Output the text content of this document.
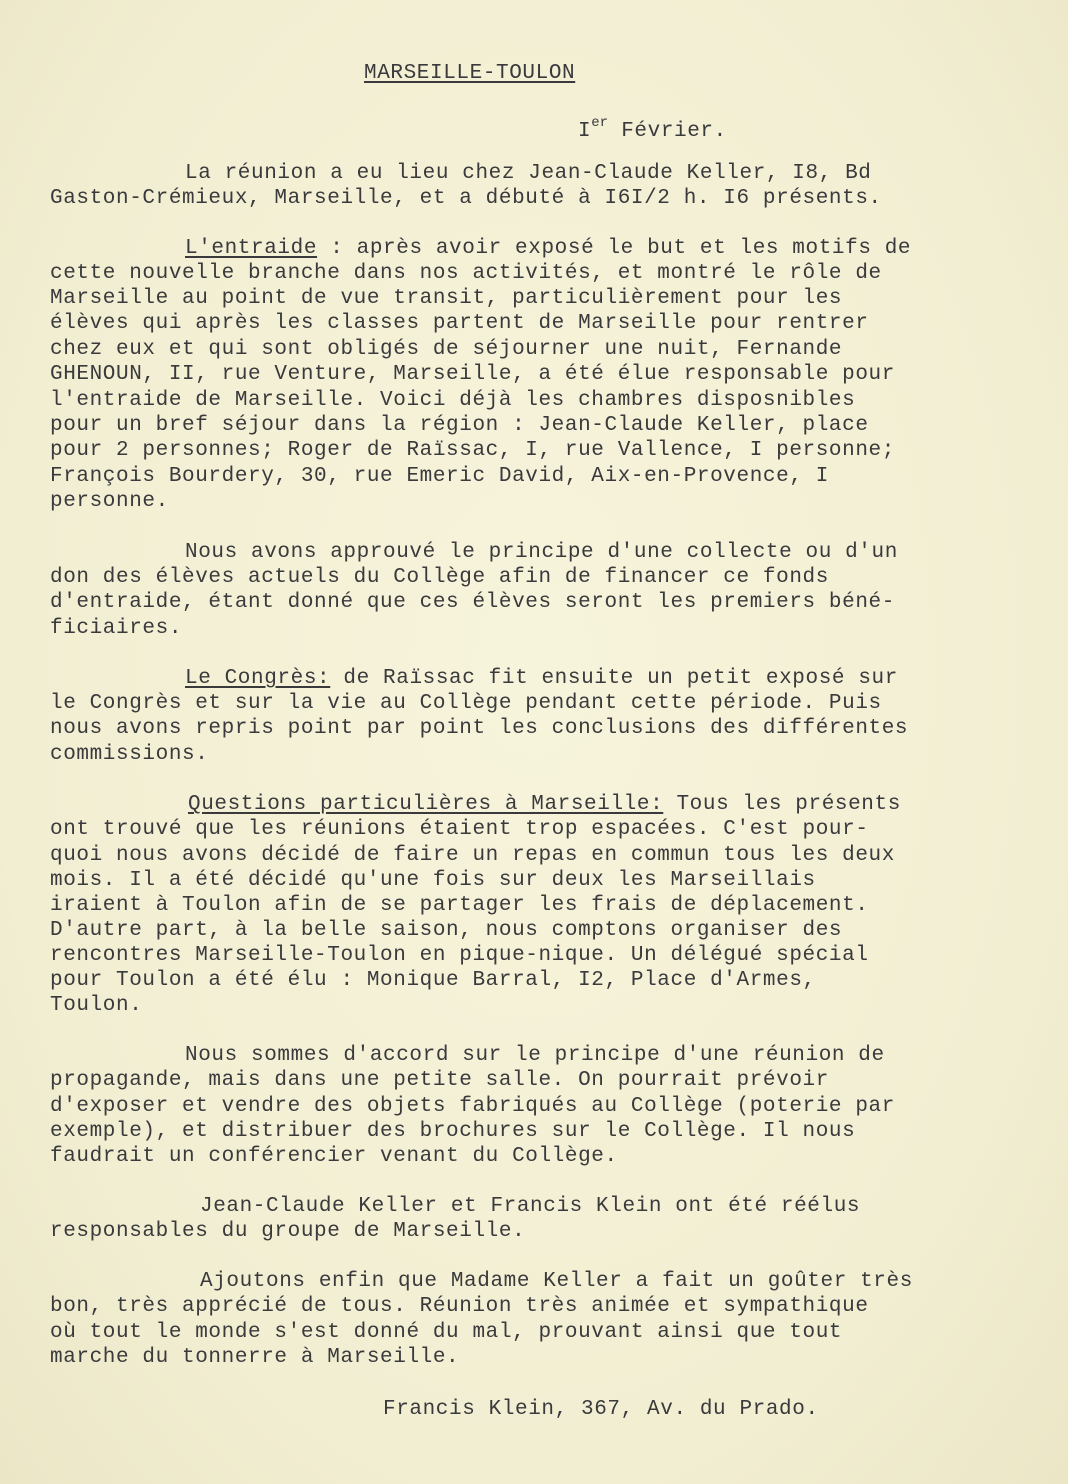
MARSEILLE-TOULON
Ier Février.
La réunion a eu lieu chez Jean-Claude Keller, I8, Bd
Gaston-Crémieux, Marseille, et a débuté à I6I/2 h. I6 présents.
L'entraide : après avoir exposé le but et les motifs de
cette nouvelle branche dans nos activités, et montré le rôle de
Marseille au point de vue transit, particulièrement pour les
élèves qui après les classes partent de Marseille pour rentrer
chez eux et qui sont obligés de séjourner une nuit, Fernande
GHENOUN, II, rue Venture, Marseille, a été élue responsable pour
l'entraide de Marseille. Voici déjà les chambres disposnibles
pour un bref séjour dans la région : Jean-Claude Keller, place
pour 2 personnes; Roger de Raïssac, I, rue Vallence, I personne;
François Bourdery, 30, rue Emeric David, Aix-en-Provence, I
personne.
Nous avons approuvé le principe d'une collecte ou d'un
don des élèves actuels du Collège afin de financer ce fonds
d'entraide, étant donné que ces élèves seront les premiers béné-
ficiaires.
Le Congrès: de Raïssac fit ensuite un petit exposé sur
le Congrès et sur la vie au Collège pendant cette période. Puis
nous avons repris point par point les conclusions des différentes
commissions.
Questions particulières à Marseille: Tous les présents
ont trouvé que les réunions étaient trop espacées. C'est pour-
quoi nous avons décidé de faire un repas en commun tous les deux
mois. Il a été décidé qu'une fois sur deux les Marseillais
iraient à Toulon afin de se partager les frais de déplacement.
D'autre part, à la belle saison, nous comptons organiser des
rencontres Marseille-Toulon en pique-nique. Un délégué spécial
pour Toulon a été élu : Monique Barral, I2, Place d'Armes,
Toulon.
Nous sommes d'accord sur le principe d'une réunion de
propagande, mais dans une petite salle. On pourrait prévoir
d'exposer et vendre des objets fabriqués au Collège (poterie par
exemple), et distribuer des brochures sur le Collège. Il nous
faudrait un conférencier venant du Collège.
Jean-Claude Keller et Francis Klein ont été réélus
responsables du groupe de Marseille.
Ajoutons enfin que Madame Keller a fait un goûter très
bon, très apprécié de tous. Réunion très animée et sympathique
où tout le monde s'est donné du mal, prouvant ainsi que tout
marche du tonnerre à Marseille.
Francis Klein, 367, Av. du Prado.
